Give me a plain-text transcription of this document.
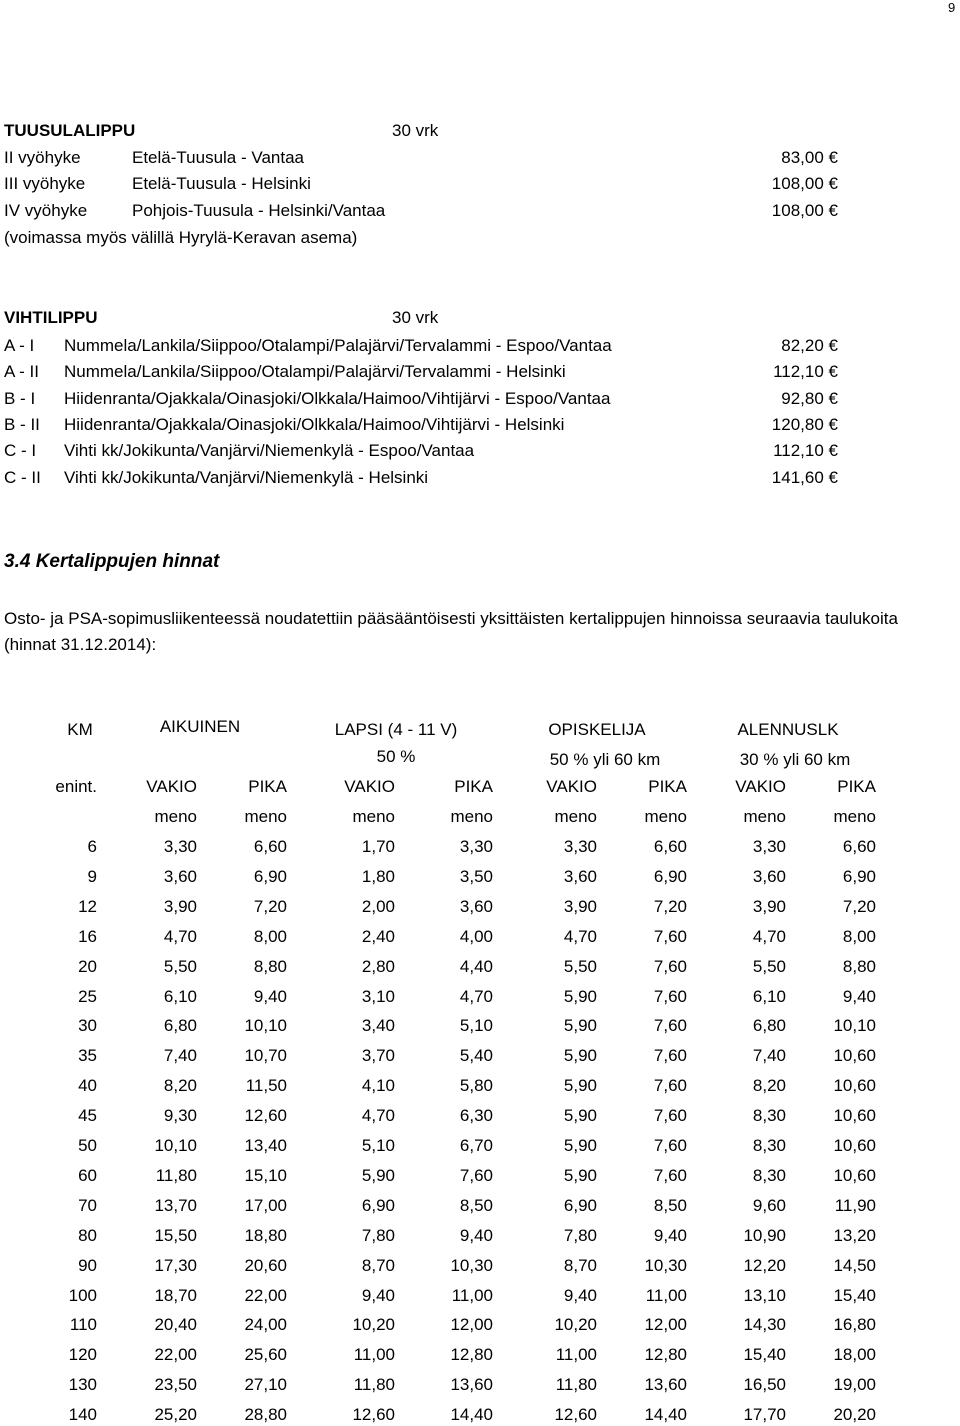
9
TUUSULALIPPU	30 vrk
II vyöhyke	Etelä-Tuusula - Vantaa	83,00 €
III vyöhyke	Etelä-Tuusula - Helsinki	108,00 €
IV vyöhyke	Pohjois-Tuusula - Helsinki/Vantaa	108,00 €
(voimassa myös välillä Hyrylä-Keravan asema)
VIHTILIPPU	30 vrk
A - I Nummela/Lankila/Siippoo/Otalampi/Palajärvi/Tervalammi - Espoo/Vantaa	82,20 €
A - II Nummela/Lankila/Siippoo/Otalampi/Palajärvi/Tervalammi - Helsinki	112,10 €
B - I Hiidenranta/Ojakkala/Oinasjoki/Olkkala/Haimoo/Vihtijärvi - Espoo/Vantaa	92,80 €
B - II Hiidenranta/Ojakkala/Oinasjoki/Olkkala/Haimoo/Vihtijärvi - Helsinki	120,80 €
C - I Vihti kk/Jokikunta/Vanjärvi/Niemenkylä - Espoo/Vantaa	112,10 €
C - II Vihti kk/Jokikunta/Vanjärvi/Niemenkylä - Helsinki	141,60 €
3.4 Kertalippujen hinnat
Osto- ja PSA-sopimusliikenteessä noudatettiin pääsääntöisesti yksittäisten kertalippujen hinnoissa seuraavia taulukoita (hinnat 31.12.2014):
KM	AIKUINEN	LAPSI (4 - 11 V)	OPISKELIJA	ALENNUSLK
50 %	50 % yli 60 km	30 % yli 60 km
enint.	VAKIO	PIKA	VAKIO	PIKA	VAKIO	PIKA	VAKIO	PIKA
meno	meno	meno	meno	meno	meno	meno	meno
6	3,30	6,60	1,70	3,30	3,30	6,60	3,30	6,60
9	3,60	6,90	1,80	3,50	3,60	6,90	3,60	6,90
12	3,90	7,20	2,00	3,60	3,90	7,20	3,90	7,20
16	4,70	8,00	2,40	4,00	4,70	7,60	4,70	8,00
20	5,50	8,80	2,80	4,40	5,50	7,60	5,50	8,80
25	6,10	9,40	3,10	4,70	5,90	7,60	6,10	9,40
30	6,80	10,10	3,40	5,10	5,90	7,60	6,80	10,10
35	7,40	10,70	3,70	5,40	5,90	7,60	7,40	10,60
40	8,20	11,50	4,10	5,80	5,90	7,60	8,20	10,60
45	9,30	12,60	4,70	6,30	5,90	7,60	8,30	10,60
50	10,10	13,40	5,10	6,70	5,90	7,60	8,30	10,60
60	11,80	15,10	5,90	7,60	5,90	7,60	8,30	10,60
70	13,70	17,00	6,90	8,50	6,90	8,50	9,60	11,90
80	15,50	18,80	7,80	9,40	7,80	9,40	10,90	13,20
90	17,30	20,60	8,70	10,30	8,70	10,30	12,20	14,50
100	18,70	22,00	9,40	11,00	9,40	11,00	13,10	15,40
110	20,40	24,00	10,20	12,00	10,20	12,00	14,30	16,80
120	22,00	25,60	11,00	12,80	11,00	12,80	15,40	18,00
130	23,50	27,10	11,80	13,60	11,80	13,60	16,50	19,00
140	25,20	28,80	12,60	14,40	12,60	14,40	17,70	20,20
